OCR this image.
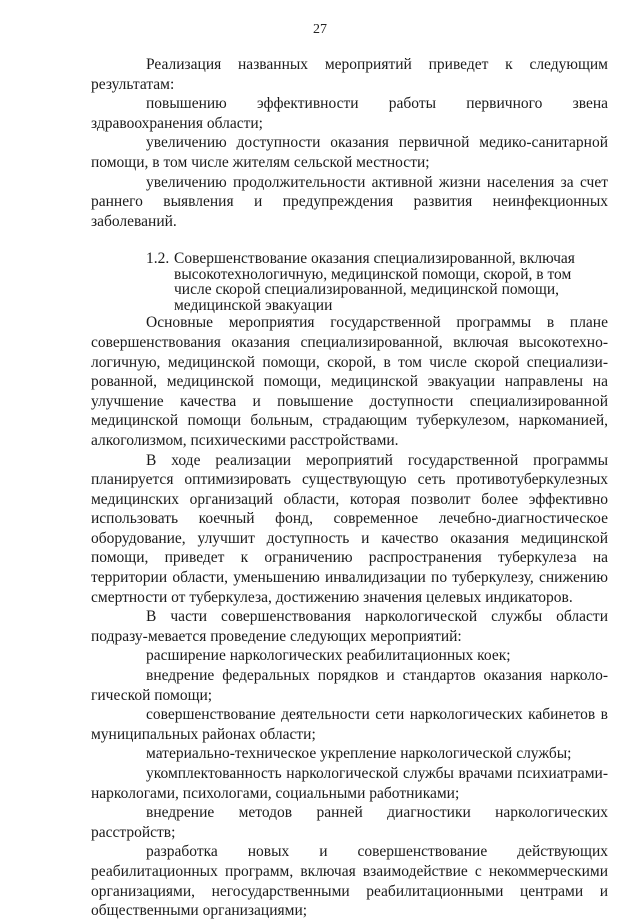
27

Реализация названных мероприятий приведет к следующим результатам:

повышению эффективности работы первичного звена здравоохранения области;

увеличению доступности оказания первичной медико-санитарной помощи, в том числе жителям сельской местности;

увеличению продолжительности активной жизни населения за счет раннего выявления и предупреждения развития неинфекционных заболеваний.

1.2. Совершенствование оказания специализированной, включая высокотехнологичную, медицинской помощи, скорой, в том числе скорой специализированной, медицинской помощи, медицинской эвакуации

Основные мероприятия государственной программы в плане совершенствования оказания специализированной, включая высокотехно-логичную, медицинской помощи, скорой, в том числе скорой специализи-рованной, медицинской помощи, медицинской эвакуации направлены на улучшение качества и повышение доступности специализированной медицинской помощи больным, страдающим туберкулезом, наркоманией, алкоголизмом, психическими расстройствами.

В ходе реализации мероприятий государственной программы планируется оптимизировать существующую сеть противотуберкулезных медицинских организаций области, которая позволит более эффективно использовать коечный фонд, современное лечебно-диагностическое оборудование, улучшит доступность и качество оказания медицинской помощи, приведет к ограничению распространения туберкулеза на территории области, уменьшению инвалидизации по туберкулезу, снижению смертности от туберкулеза, достижению значения целевых индикаторов.

В части совершенствования наркологической службы области подразу-мевается проведение следующих мероприятий:

расширение наркологических реабилитационных коек;

внедрение федеральных порядков и стандартов оказания нарколо-гической помощи;

совершенствование деятельности сети наркологических кабинетов в муниципальных районах области;

материально-техническое укрепление наркологической службы;

укомплектованность наркологической службы врачами психиатрами-наркологами, психологами, социальными работниками;

внедрение методов ранней диагностики наркологических расстройств;

разработка новых и совершенствование действующих реабилитационных программ, включая взаимодействие с некоммерческими организациями, негосударственными реабилитационными центрами и общественными организациями;
